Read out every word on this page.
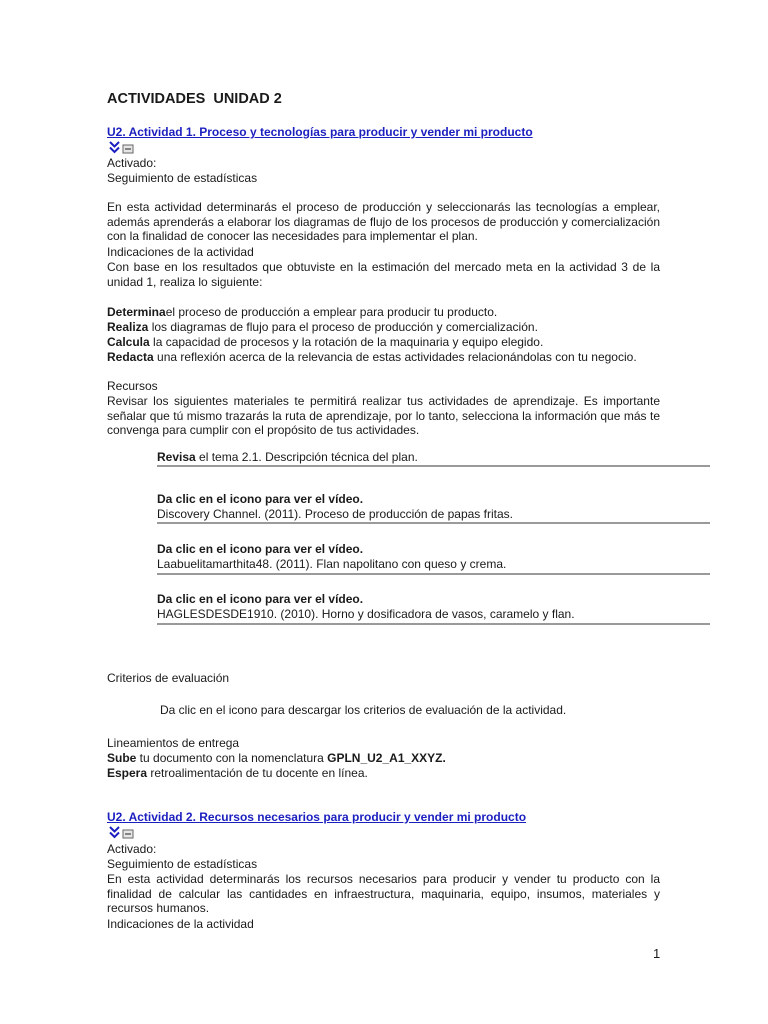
ACTIVIDADES  UNIDAD 2
U2. Actividad 1. Proceso y tecnologías para producir y vender mi producto
Activado:
Seguimiento de estadísticas
En esta actividad determinarás el proceso de producción y seleccionarás las tecnologías a emplear, además aprenderás a elaborar los diagramas de flujo de los procesos de producción y comercialización con la finalidad de conocer las necesidades para implementar el plan.
Indicaciones de la actividad
Con base en los resultados que obtuviste en la estimación del mercado meta en la actividad 3 de la unidad 1, realiza lo siguiente:
Determinael proceso de producción a emplear para producir tu producto.
Realiza los diagramas de flujo para el proceso de producción y comercialización.
Calcula la capacidad de procesos y la rotación de la maquinaria y equipo elegido.
Redacta una reflexión acerca de la relevancia de estas actividades relacionándolas con tu negocio.
Recursos
Revisar los siguientes materiales te permitirá realizar tus actividades de aprendizaje. Es importante señalar que tú mismo trazarás la ruta de aprendizaje, por lo tanto, selecciona la información que más te convenga para cumplir con el propósito de tus actividades.
Revisa el tema 2.1. Descripción técnica del plan.
Da clic en el icono para ver el vídeo.
Discovery Channel. (2011). Proceso de producción de papas fritas.
Da clic en el icono para ver el vídeo.
Laabuelitamarthita48. (2011). Flan napolitano con queso y crema.
Da clic en el icono para ver el vídeo.
HAGLESDESDE1910. (2010). Horno y dosificadora de vasos, caramelo y flan.
Criterios de evaluación
Da clic en el icono para descargar los criterios de evaluación de la actividad.
Lineamientos de entrega
Sube tu documento con la nomenclatura GPLN_U2_A1_XXYZ.
Espera retroalimentación de tu docente en línea.
U2. Actividad 2. Recursos necesarios para producir y vender mi producto
Activado:
Seguimiento de estadísticas
En esta actividad determinarás los recursos necesarios para producir y vender tu producto con la finalidad de calcular las cantidades en infraestructura, maquinaria, equipo, insumos, materiales y recursos humanos.
Indicaciones de la actividad
1
